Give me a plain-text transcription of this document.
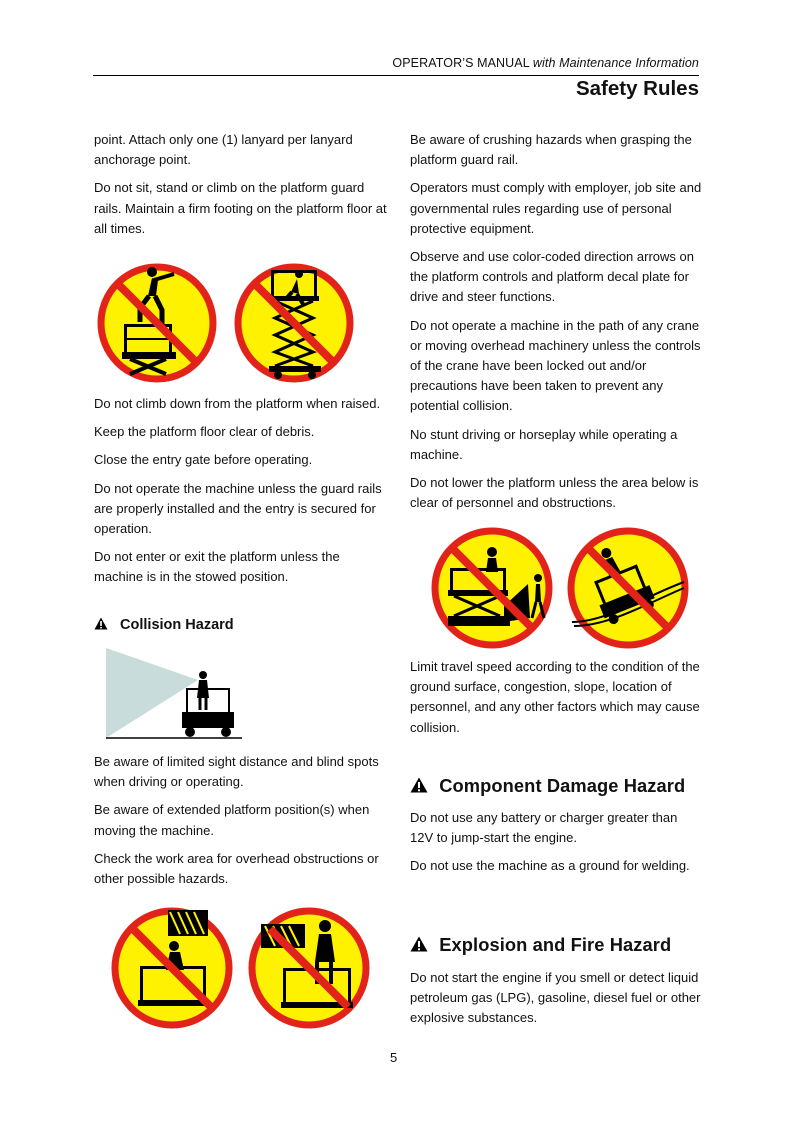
OPERATOR’S MANUAL with Maintenance Information
Safety Rules

point. Attach only one (1) lanyard per lanyard anchorage point.

Do not sit, stand or climb on the platform guard rails. Maintain a firm footing on the platform floor at all times.

Do not climb down from the platform when raised.

Keep the platform floor clear of debris.

Close the entry gate before operating.

Do not operate the machine unless the guard rails are properly installed and the entry is secured for operation.

Do not enter or exit the platform unless the machine is in the stowed position.

Collision Hazard

Be aware of limited sight distance and blind spots when driving or operating.

Be aware of extended platform position(s) when moving the machine.

Check the work area for overhead obstructions or other possible hazards.

Be aware of crushing hazards when grasping the platform guard rail.

Operators must comply with employer, job site and governmental rules regarding use of personal protective equipment.

Observe and use color-coded direction arrows on the platform controls and platform decal plate for drive and steer functions.

Do not operate a machine in the path of any crane or moving overhead machinery unless the controls of the crane have been locked out and/or precautions have been taken to prevent any potential collision.

No stunt driving or horseplay while operating a machine.

Do not lower the platform unless the area below is clear of personnel and obstructions.

Limit travel speed according to the condition of the ground surface, congestion, slope, location of personnel, and any other factors which may cause collision.

Component Damage Hazard

Do not use any battery or charger greater than 12V to jump-start the engine.

Do not use the machine as a ground for welding.

Explosion and Fire Hazard

Do not start the engine if you smell or detect liquid petroleum gas (LPG), gasoline, diesel fuel or other explosive substances.

5
